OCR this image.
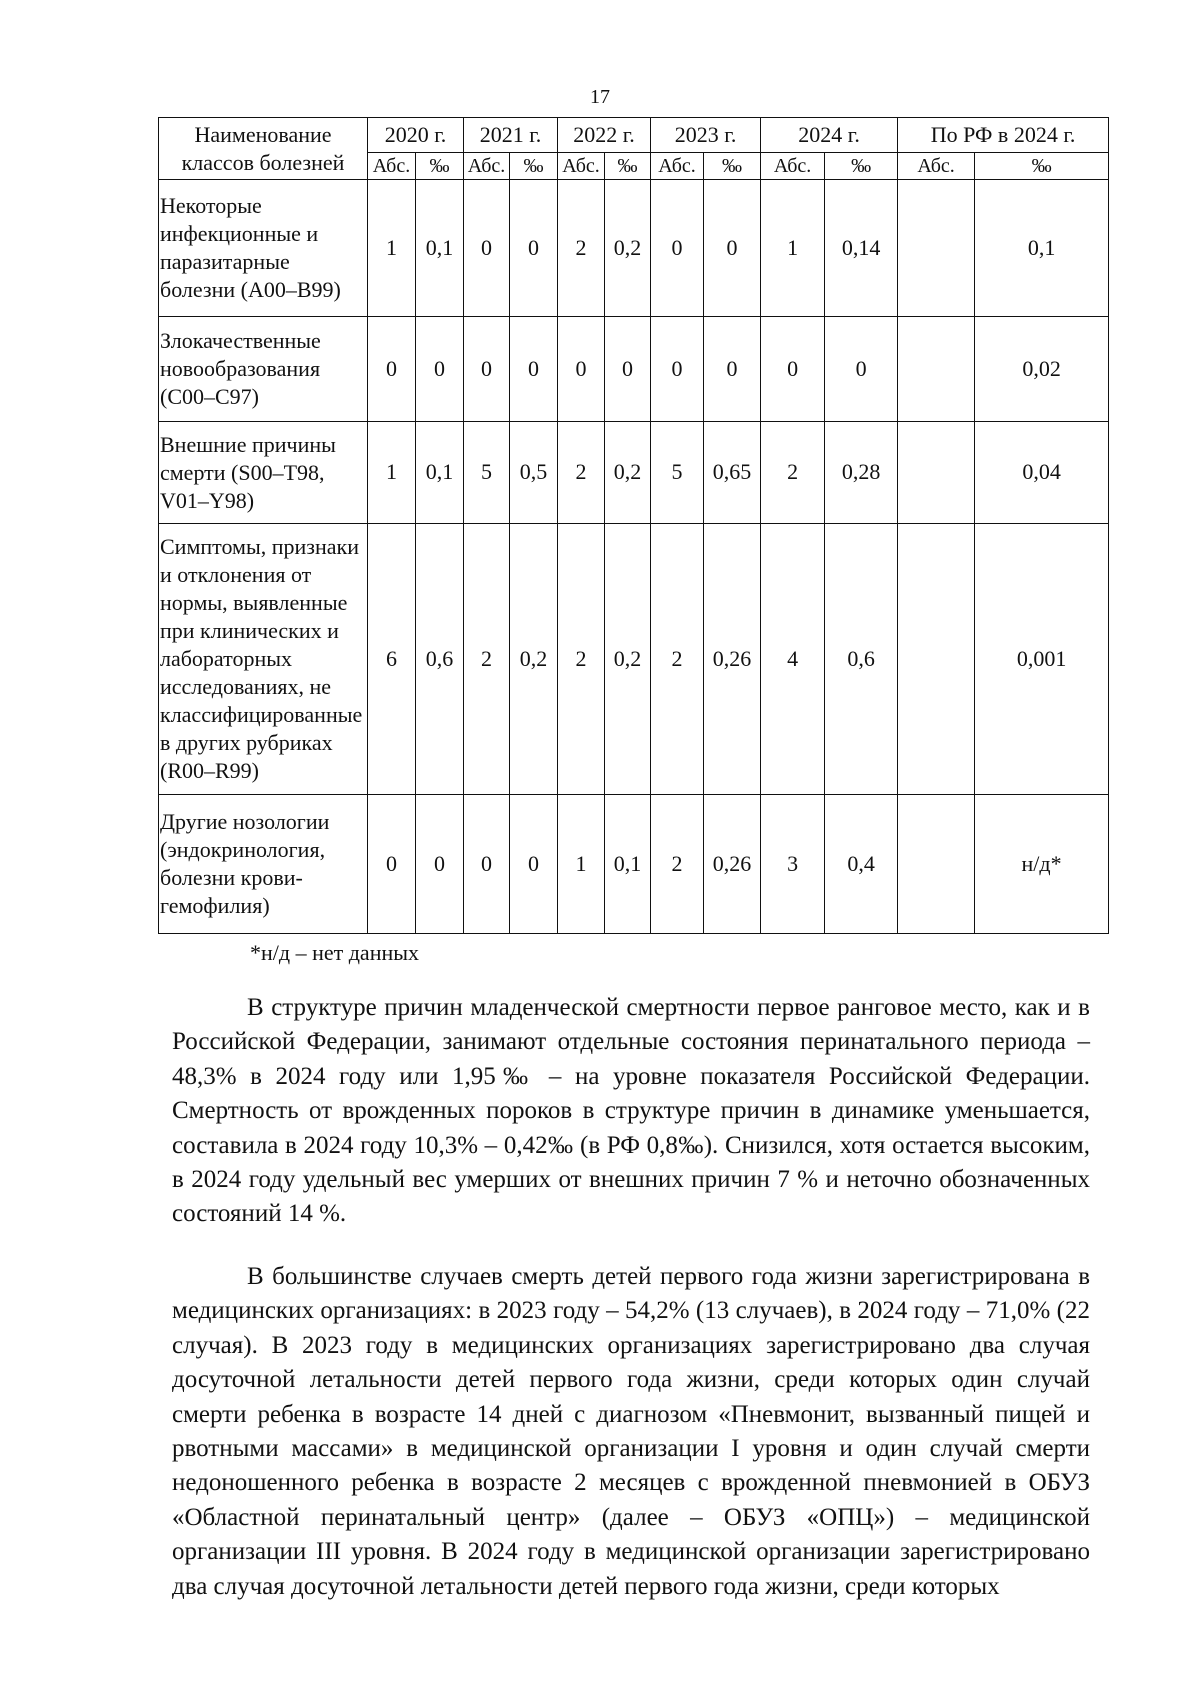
17
Наименование классов болезней	2020 г.		2021 г.		2022 г.		2023 г.		2024 г.		По РФ в 2024 г.	
	Абс.	‰	Абс.	‰	Абс.	‰	Абс.	‰	Абс.	‰	Абс.	‰
Некоторые инфекционные и паразитарные болезни (A00–B99)	1	0,1	0	0	2	0,2	0	0	1	0,14		0,1
Злокачественные новообразования (C00–C97)	0	0	0	0	0	0	0	0	0	0		0,02
Внешние причины смерти (S00–T98, V01–Y98)	1	0,1	5	0,5	2	0,2	5	0,65	2	0,28		0,04
Симптомы, признаки и отклонения от нормы, выявленные при клинических и лабораторных исследованиях, не классифицированные в других рубриках (R00–R99)	6	0,6	2	0,2	2	0,2	2	0,26	4	0,6		0,001
Другие нозологии (эндокринология, болезни крови-гемофилия)	0	0	0	0	1	0,1	2	0,26	3	0,4		н/д*
*н/д – нет данных

В структуре причин младенческой смертности первое ранговое место, как и в Российской Федерации, занимают отдельные состояния перинатального периода – 48,3% в 2024 году или 1,95‰ – на уровне показателя Российской Федерации. Смертность от врожденных пороков в структуре причин в динамике уменьшается, составила в 2024 году 10,3% – 0,42‰ (в РФ 0,8‰). Снизился, хотя остается высоким, в 2024 году удельный вес умерших от внешних причин 7 % и неточно обозначенных состояний 14 %.

В большинстве случаев смерть детей первого года жизни зарегистрирована в медицинских организациях: в 2023 году – 54,2% (13 случаев), в 2024 году – 71,0% (22 случая). В 2023 году в медицинских организациях зарегистрировано два случая досуточной летальности детей первого года жизни, среди которых один случай смерти ребенка в возрасте 14 дней с диагнозом «Пневмонит, вызванный пищей и рвотными массами» в медицинской организации I уровня и один случай смерти недоношенного ребенка в возрасте 2 месяцев с врожденной пневмонией в ОБУЗ «Областной перинатальный центр» (далее – ОБУЗ «ОПЦ») – медицинской организации III уровня. В 2024 году в медицинской организации зарегистрировано два случая досуточной летальности детей первого года жизни, среди которых
